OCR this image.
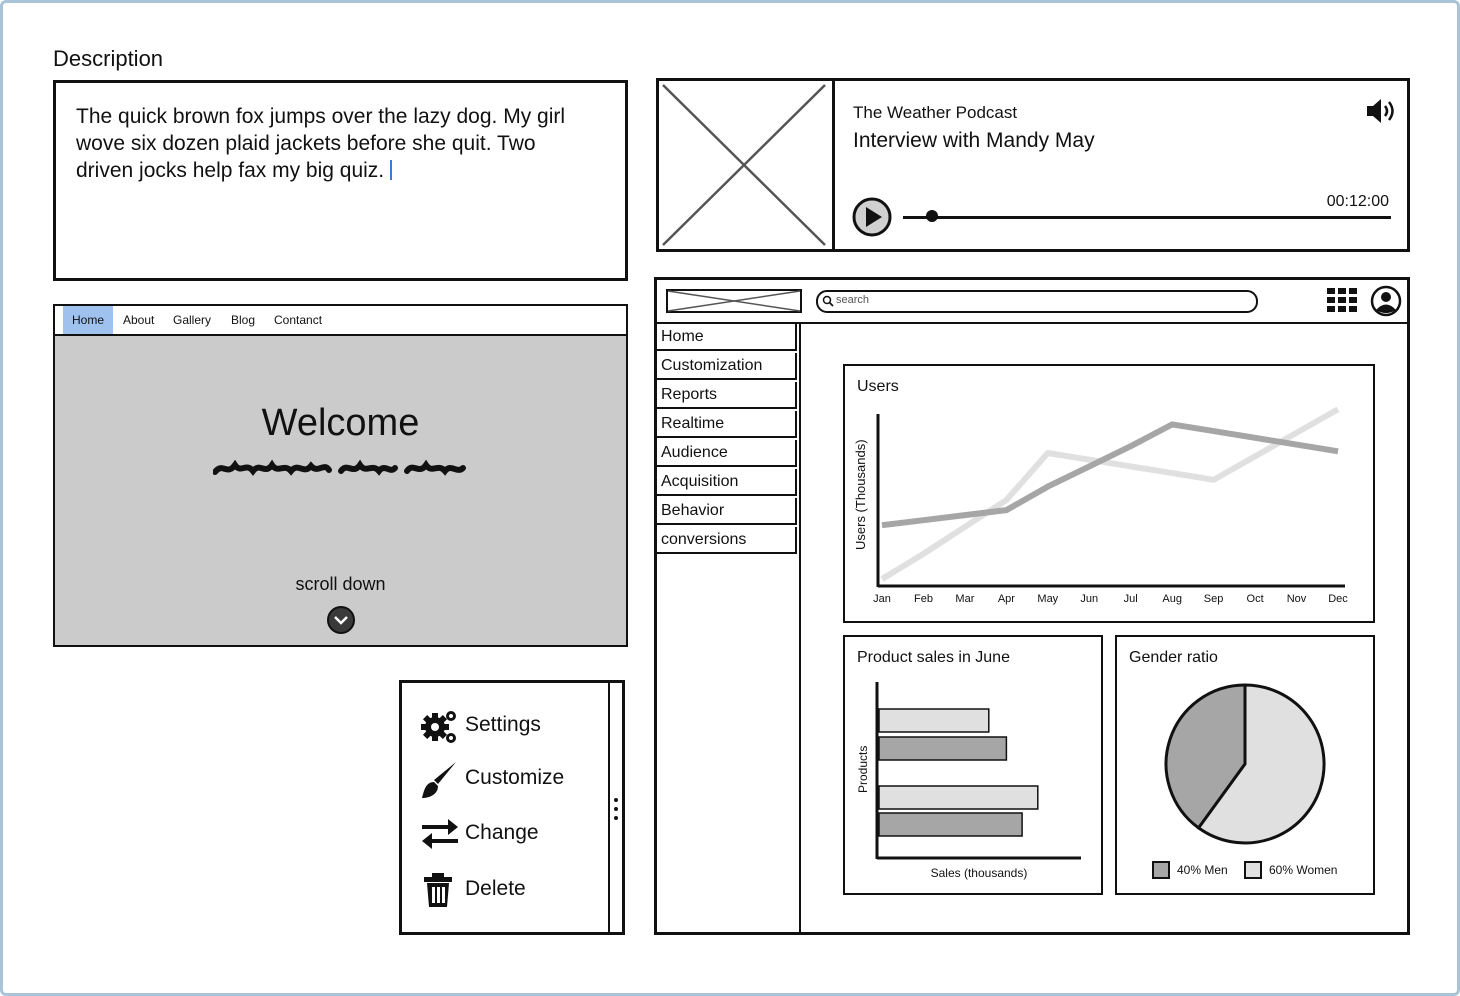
Description
The quick brown fox jumps over the lazy dog. My girl wove six dozen plaid jackets before she quit. Two driven jocks help fax my big quiz.
Home	About	Gallery	Blog	Contanct
Welcome
scroll down
Settings
Customize
Change
Delete
The Weather Podcast
Interview with Mandy May
00:12:00
search
Home
Customization
Reports
Realtime
Audience
Acquisition
Behavior
conversions
Users
Users (Thousands)
Jan Feb Mar Apr May Jun Jul Aug Sep Oct Nov Dec
Product sales in June
Products
Sales (thousands)
Gender ratio
40% Men	60% Women
